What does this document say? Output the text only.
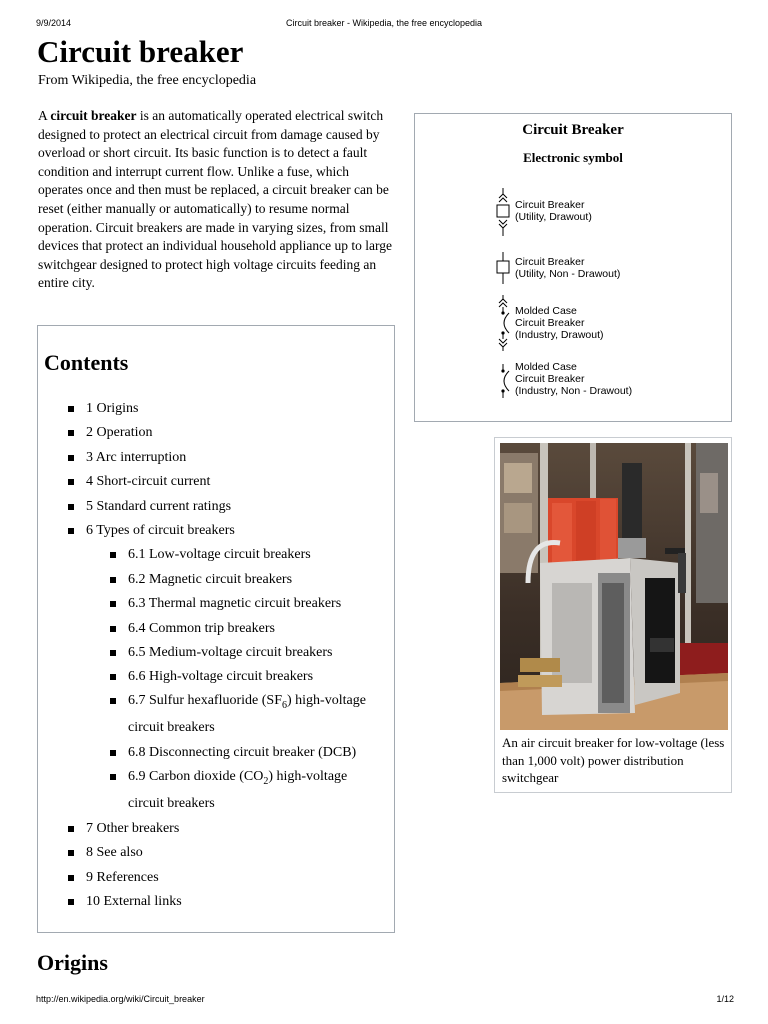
9/9/2014	Circuit breaker - Wikipedia, the free encyclopedia
Circuit breaker
From Wikipedia, the free encyclopedia

A circuit breaker is an automatically operated electrical switch designed to protect an electrical circuit from damage caused by overload or short circuit. Its basic function is to detect a fault condition and interrupt current flow. Unlike a fuse, which operates once and then must be replaced, a circuit breaker can be reset (either manually or automatically) to resume normal operation. Circuit breakers are made in varying sizes, from small devices that protect an individual household appliance up to large switchgear designed to protect high voltage circuits feeding an entire city.

Contents
1 Origins
2 Operation
3 Arc interruption
4 Short-circuit current
5 Standard current ratings
6 Types of circuit breakers
6.1 Low-voltage circuit breakers
6.2 Magnetic circuit breakers
6.3 Thermal magnetic circuit breakers
6.4 Common trip breakers
6.5 Medium-voltage circuit breakers
6.6 High-voltage circuit breakers
6.7 Sulfur hexafluoride $(SF_6)$ high-voltage
circuit breakers
6.8 Disconnecting circuit breaker (DCB)
6.9 Carbon dioxide $(CO_2)$ high-voltage
circuit breakers
7 Other breakers
8 See also
9 References
10 External links
Circuit Breaker
Electronic symbol
Circuit Breaker
(Utility, Drawout)
Circuit Breaker
(Utility, Non - Drawout)
Molded Case
Circuit Breaker
(Industry, Drawout)
Molded Case
Circuit Breaker
(Industry, Non - Drawout)
An air circuit breaker for low-voltage (less than 1,000 volt) power distribution switchgear
Origins
http://en.wikipedia.org/wiki/Circuit_breaker	1/12
